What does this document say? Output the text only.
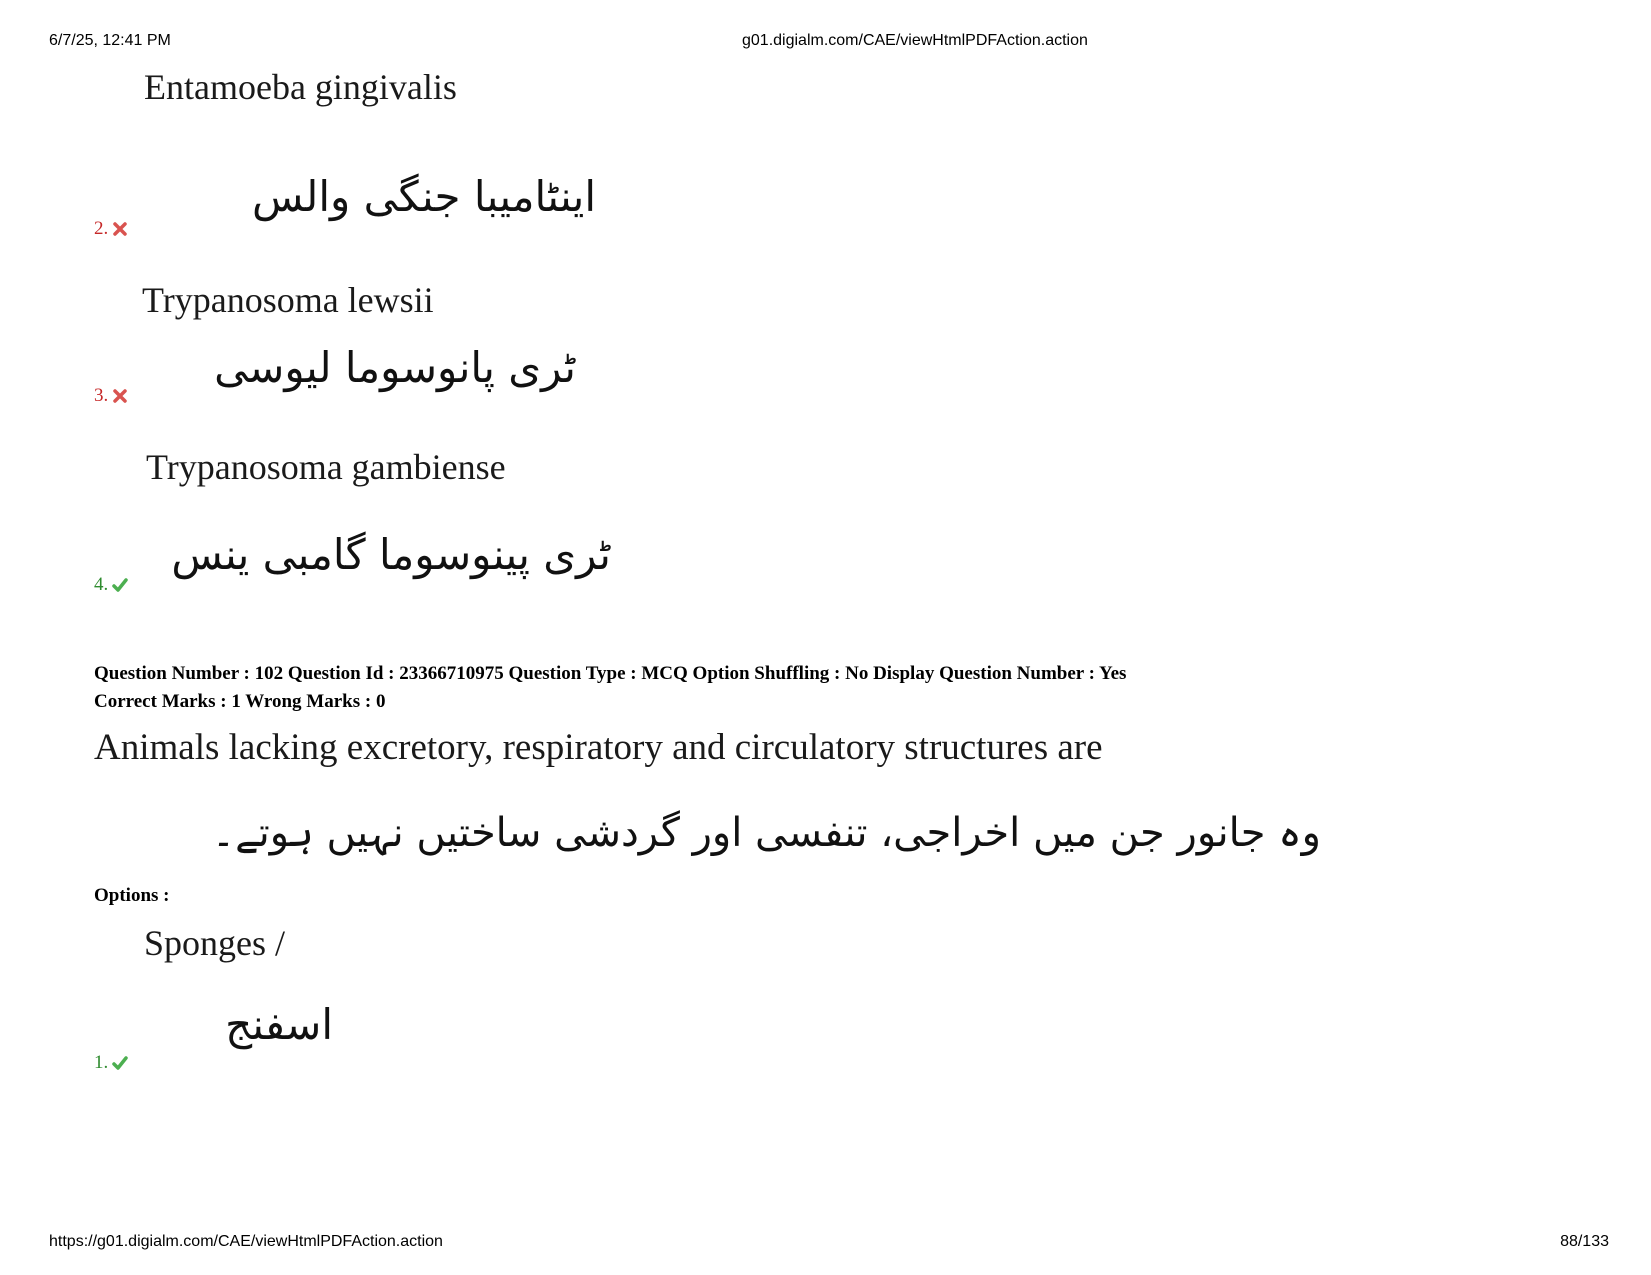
6/7/25, 12:41 PM	g01.digialm.com/CAE/viewHtmlPDFAction.action
Entamoeba gingivalis
اینٹامیبا جنگی والس
2.
Trypanosoma lewsii
ٹری پانوسوما لیوسی
3.
Trypanosoma gambiense
ٹری پینوسوما گامبی ینس
4.
Question Number : 102 Question Id : 23366710975 Question Type : MCQ Option Shuffling : No Display Question Number : Yes
Correct Marks : 1 Wrong Marks : 0
Animals lacking excretory, respiratory and circulatory structures are
وہ جانور جن میں اخراجی، تنفسی اور گردشی ساختیں نہیں ہوتے۔
Options :
Sponges /
اسفنج
1.
https://g01.digialm.com/CAE/viewHtmlPDFAction.action	88/133
